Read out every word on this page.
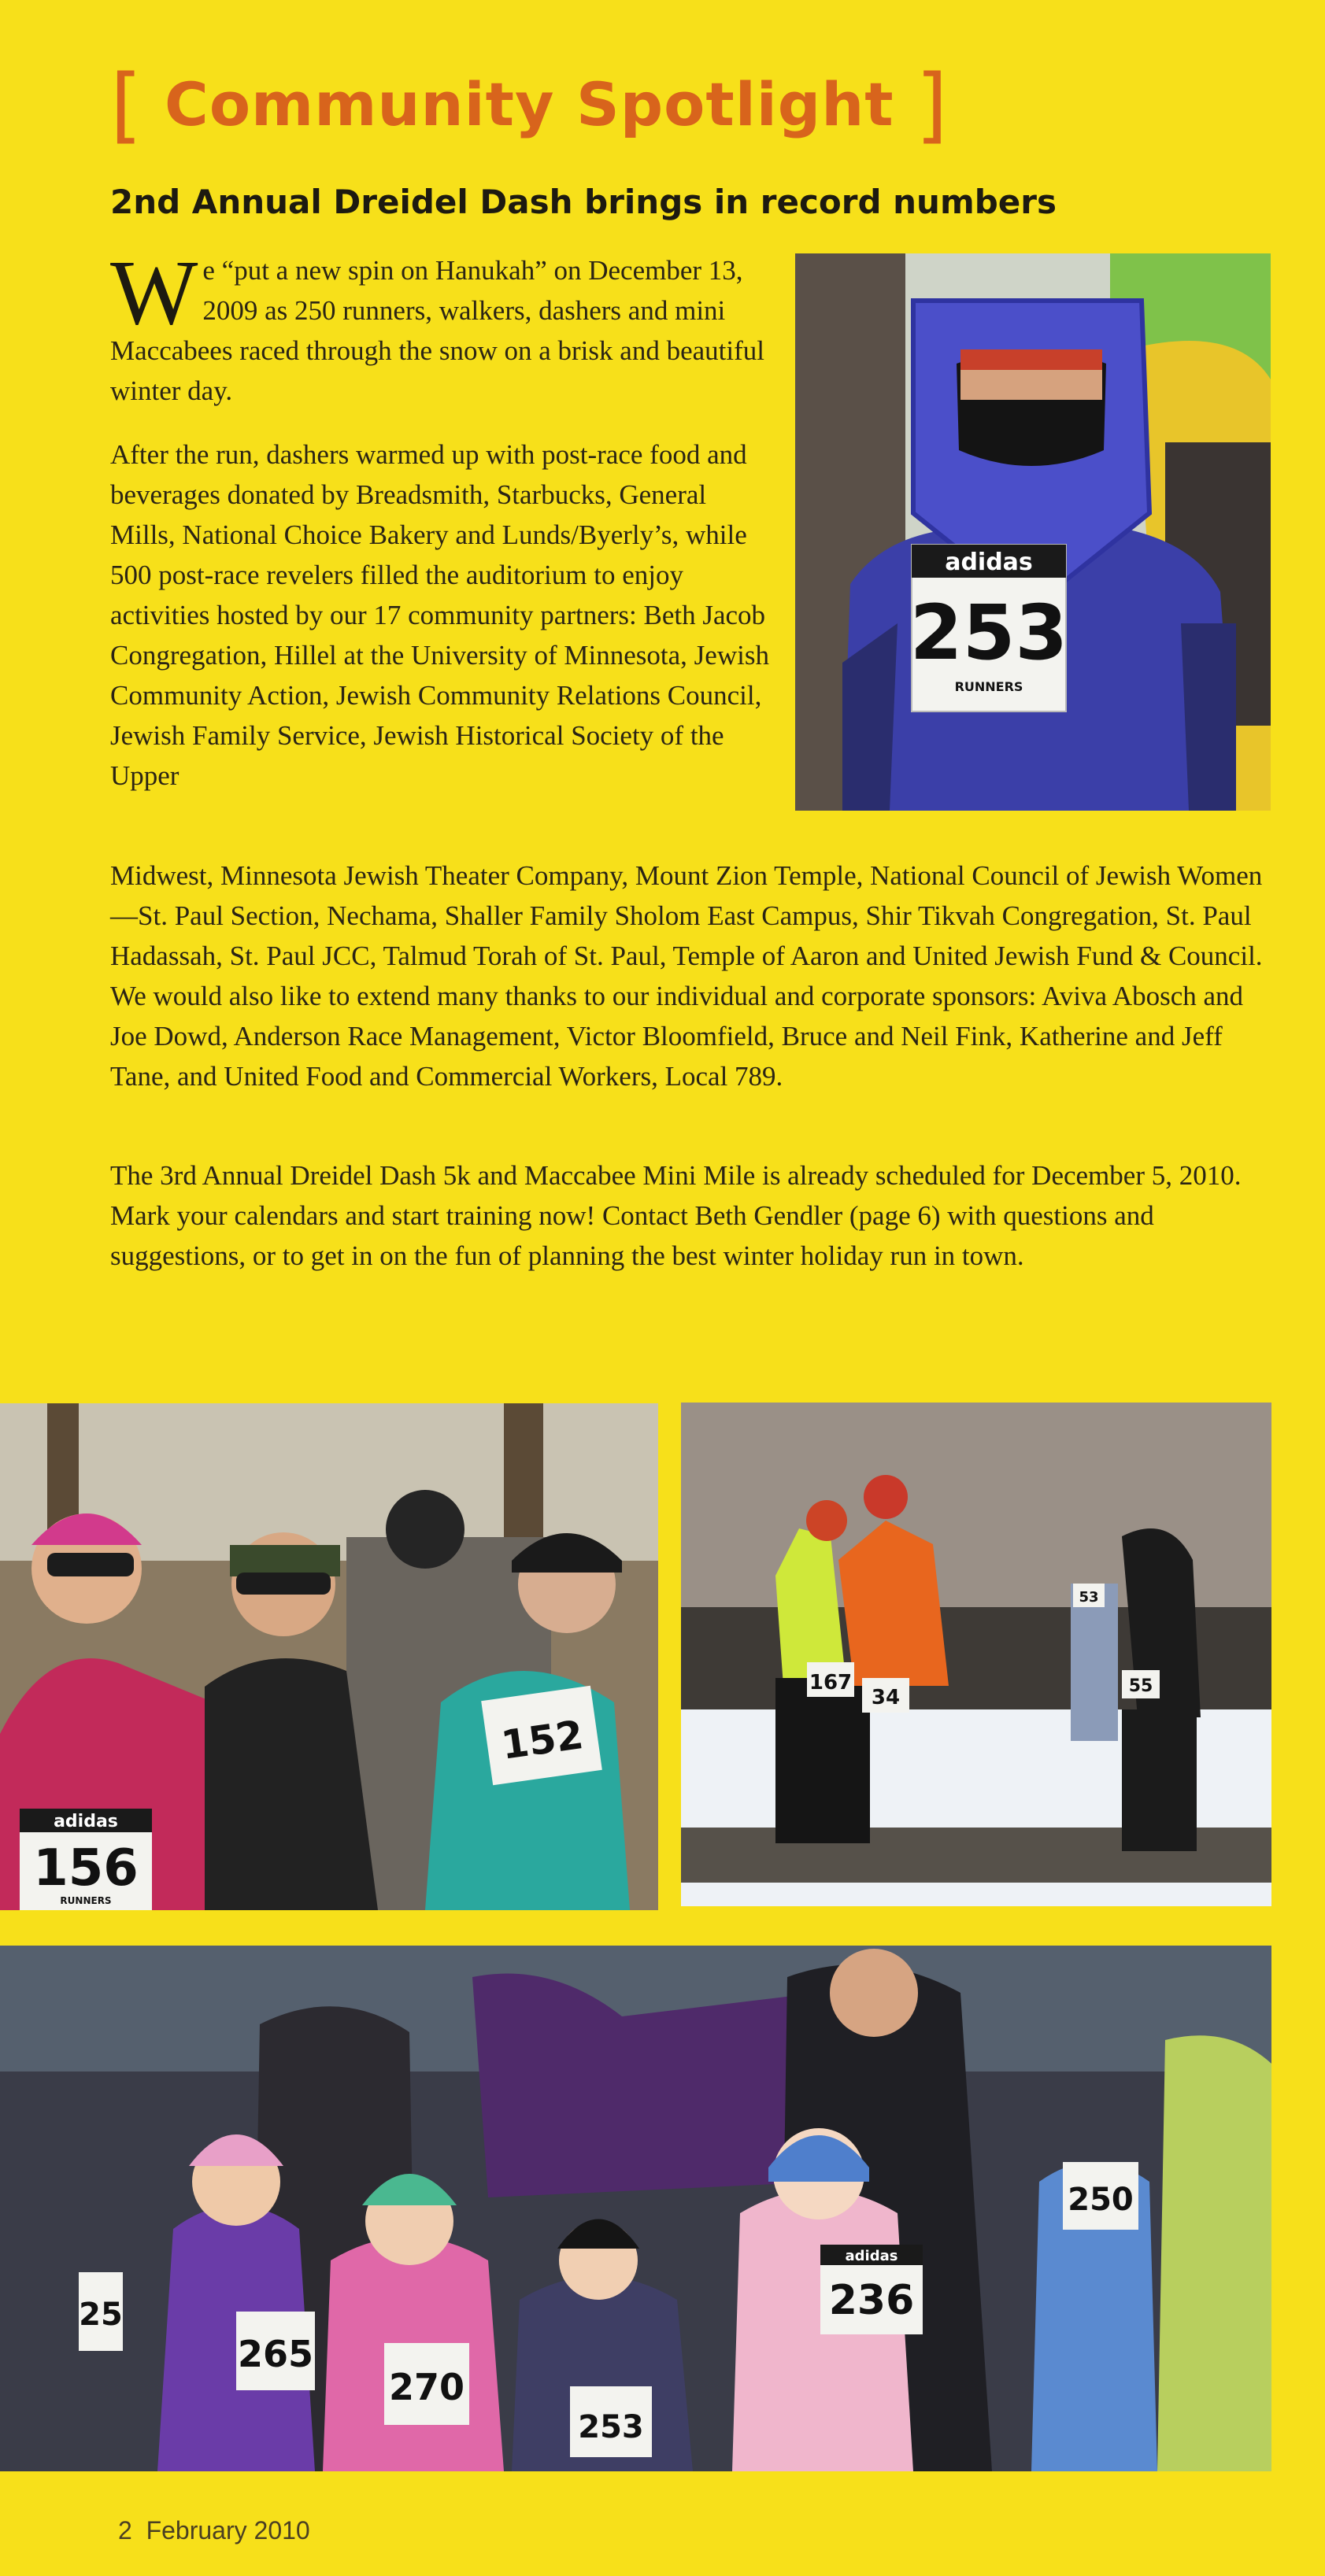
[ Community Spotlight ]
2nd Annual Dreidel Dash brings in record numbers

We “put a new spin on Hanukah” on December 13, 2009 as 250 runners, walkers, dashers and mini Maccabees raced through the snow on a brisk and beautiful winter day.

After the run, dashers warmed up with post-race food and beverages donated by Breadsmith, Starbucks, General Mills, National Choice Bakery and Lunds/Byerly’s, while 500 post-race revelers filled the auditorium to enjoy activities hosted by our 17 community partners: Beth Jacob Congregation, Hillel at the University of Minnesota, Jewish Community Action, Jewish Community Relations Council, Jewish Family Service, Jewish Historical Society of the Upper

Midwest, Minnesota Jewish Theater Company, Mount Zion Temple, National Council of Jewish Women—St. Paul Section, Nechama, Shaller Family Sholom East Campus, Shir Tikvah Congregation, St. Paul Hadassah, St. Paul JCC, Talmud Torah of St. Paul, Temple of Aaron and United Jewish Fund & Council. We would also like to extend many thanks to our individual and corporate sponsors: Aviva Abosch and Joe Dowd, Anderson Race Management, Victor Bloomfield, Bruce and Neil Fink, Katherine and Jeff Tane, and United Food and Commercial Workers, Local 789.

The 3rd Annual Dreidel Dash 5k and Maccabee Mini Mile is already scheduled for December 5, 2010. Mark your calendars and start training now! Contact Beth Gendler (page 6) with questions and suggestions, or to get in on the fun of planning the best winter holiday run in town.

adidas
253
RUNNERS
adidas
156
RUNNERS
152
167
34
53
55
265
270
253
adidas
236
250
25
2 February 2010
